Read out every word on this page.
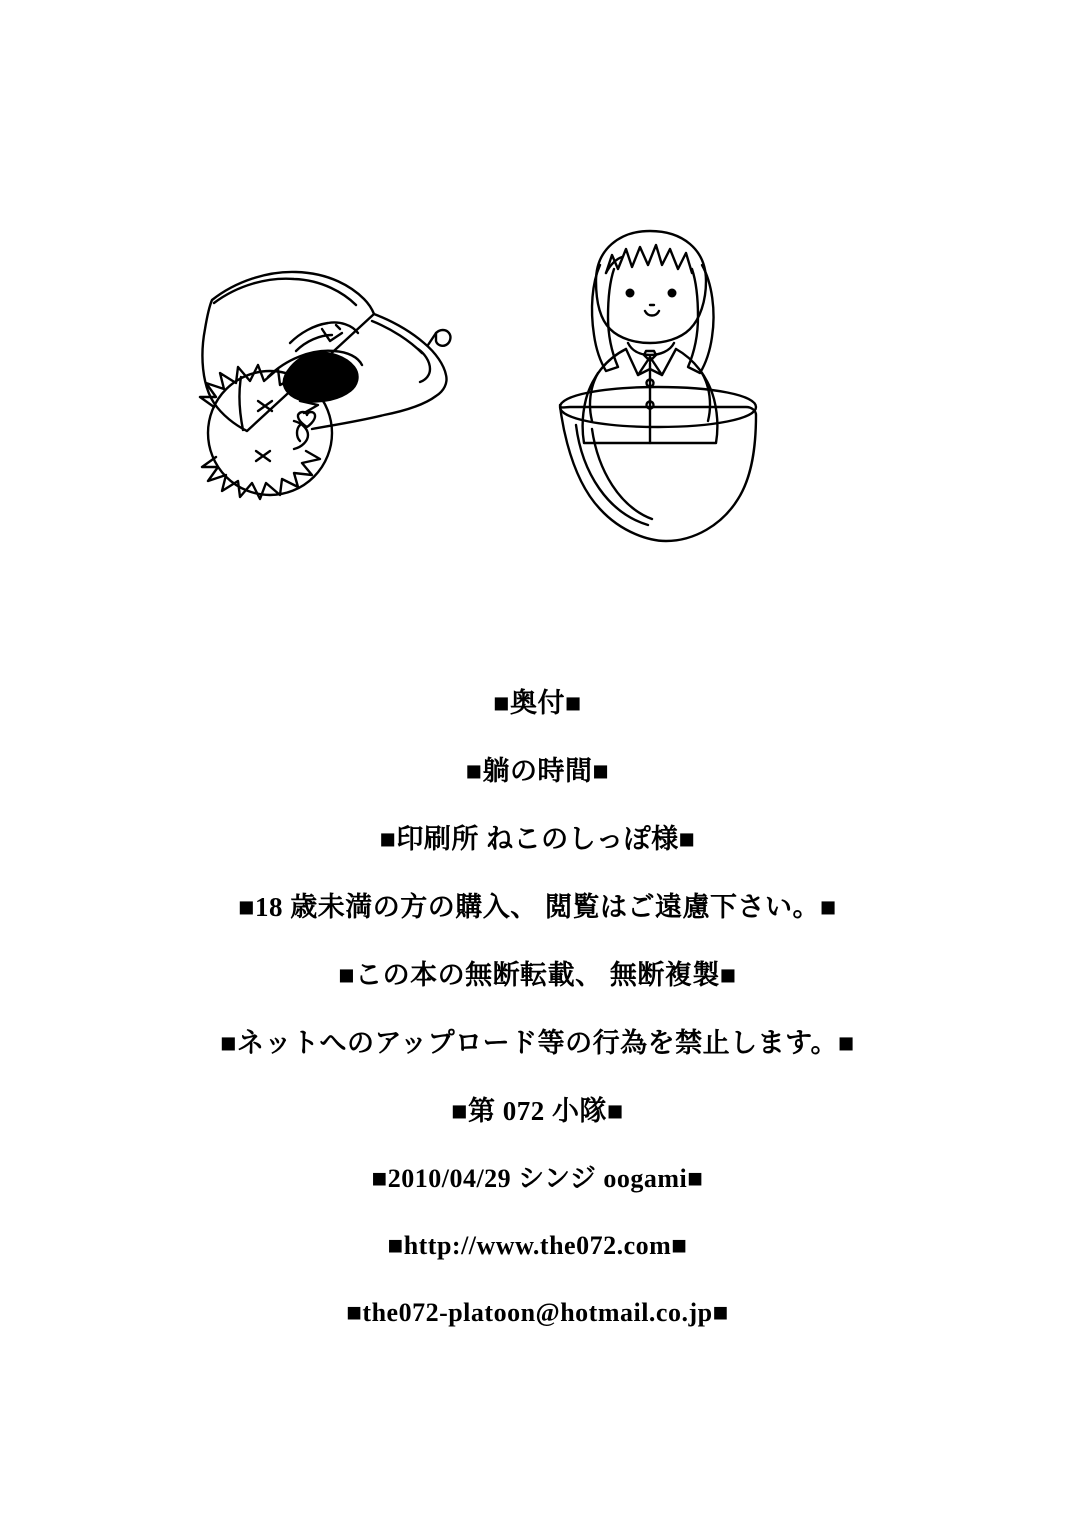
■奥付■
■躺の時間■
■印刷所 ねこのしっぽ様■
■18 歳未満の方の購入、 閲覧はご遠慮下さい。■
■この本の無断転載、 無断複製■
■ネットへのアップロード等の行為を禁止します。■
■第 072 小隊■
■2010/04/29 シンジ oogami■
■http://www.the072.com■
■the072-platoon@hotmail.co.jp■
